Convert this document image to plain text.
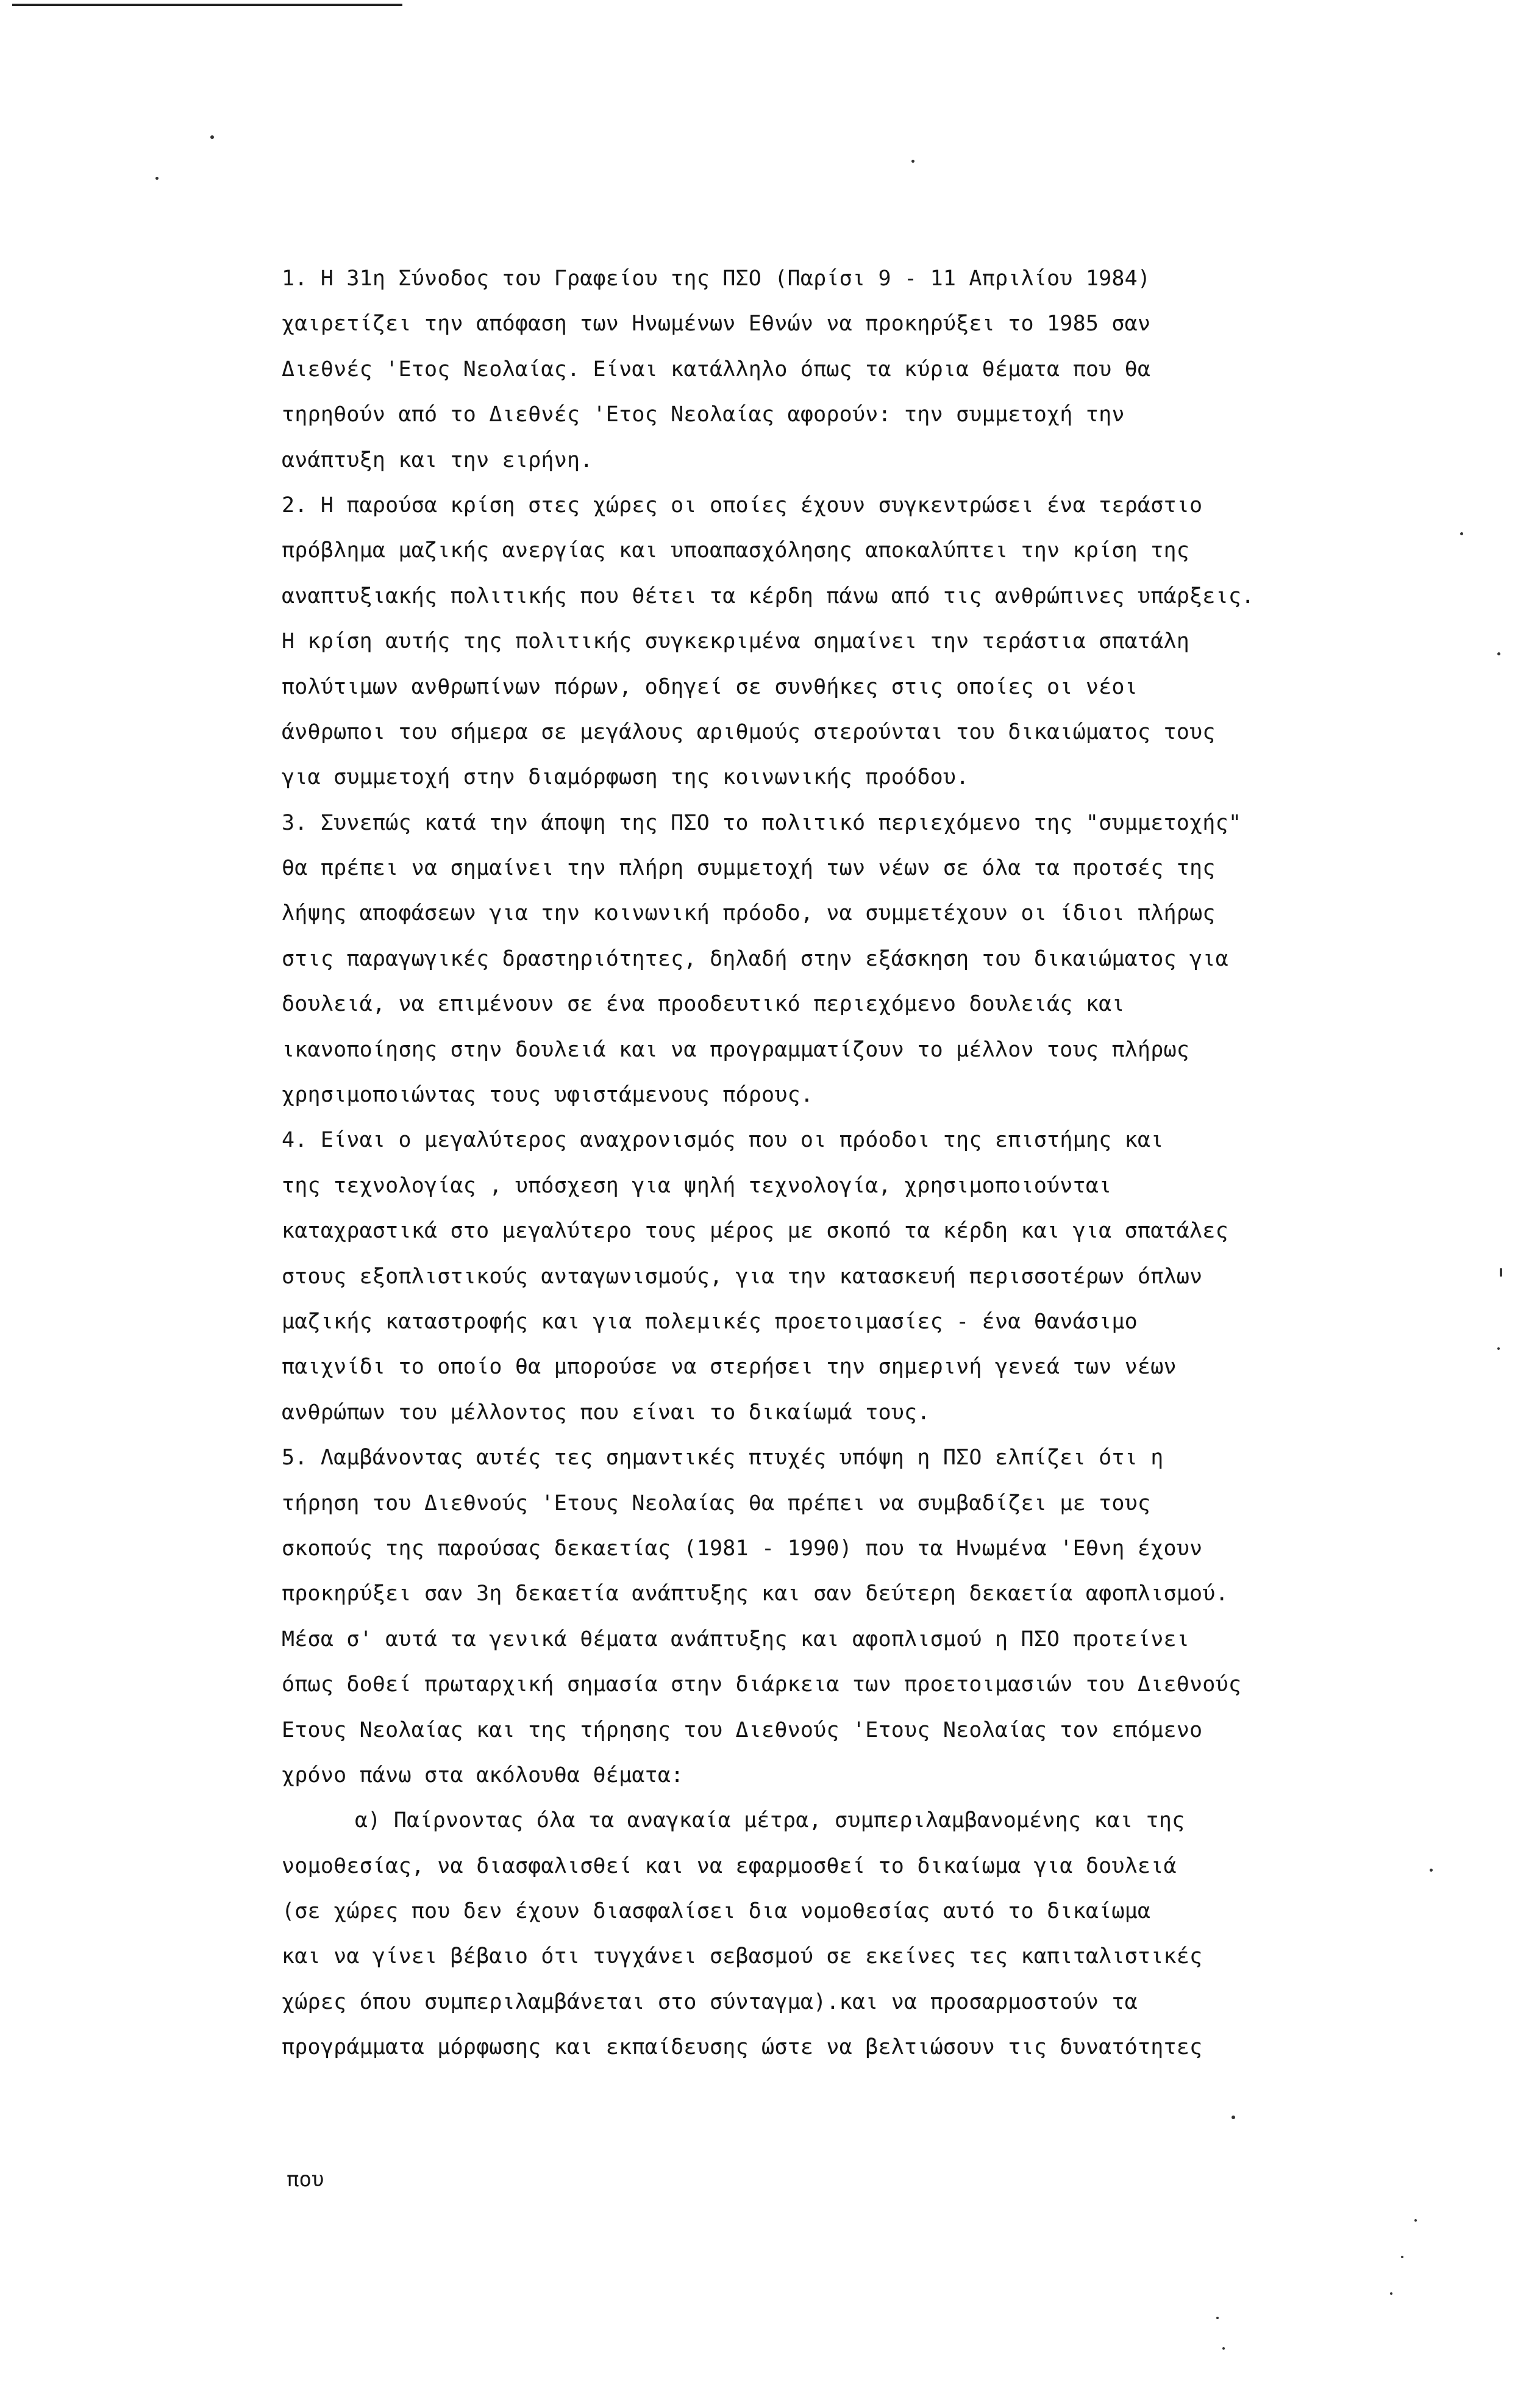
1. Η 31η Σύνοδος του Γραφείου της ΠΣΟ (Παρίσι 9 - 11 Απριλίου 1984)
χαιρετίζει την απόφαση των Ηνωμένων Εθνών να προκηρύξει το 1985 σαν
Διεθνές 'Ετος Νεολαίας. Είναι κατάλληλο όπως τα κύρια θέματα που θα
τηρηθούν από το Διεθνές 'Ετος Νεολαίας αφορούν: την συμμετοχή την
ανάπτυξη και την ειρήνη.
2. Η παρούσα κρίση στες χώρες οι οποίες έχουν συγκεντρώσει ένα τεράστιο
πρόβλημα μαζικής ανεργίας και υποαπασχόλησης αποκαλύπτει την κρίση της
αναπτυξιακής πολιτικής που θέτει τα κέρδη πάνω από τις ανθρώπινες υπάρξεις.
Η κρίση αυτής της πολιτικής συγκεκριμένα σημαίνει την τεράστια σπατάλη
πολύτιμων ανθρωπίνων πόρων, οδηγεί σε συνθήκες στις οποίες οι νέοι
άνθρωποι του σήμερα σε μεγάλους αριθμούς στερούνται του δικαιώματος τους
για συμμετοχή στην διαμόρφωση της κοινωνικής προόδου.
3. Συνεπώς κατά την άποψη της ΠΣΟ το πολιτικό περιεχόμενο της "συμμετοχής"
θα πρέπει να σημαίνει την πλήρη συμμετοχή των νέων σε όλα τα προτσές της
λήψης αποφάσεων για την κοινωνική πρόοδο, να συμμετέχουν οι ίδιοι πλήρως
στις παραγωγικές δραστηριότητες, δηλαδή στην εξάσκηση του δικαιώματος για
δουλειά, να επιμένουν σε ένα προοδευτικό περιεχόμενο δουλειάς και
ικανοποίησης στην δουλειά και να προγραμματίζουν το μέλλον τους πλήρως
χρησιμοποιώντας τους υφιστάμενους πόρους.
4. Είναι ο μεγαλύτερος αναχρονισμός που οι πρόοδοι της επιστήμης και
της τεχνολογίας , υπόσχεση για ψηλή τεχνολογία, χρησιμοποιούνται
καταχραστικά στο μεγαλύτερο τους μέρος με σκοπό τα κέρδη και για σπατάλες
στους εξοπλιστικούς ανταγωνισμούς, για την κατασκευή περισσοτέρων όπλων
μαζικής καταστροφής και για πολεμικές προετοιμασίες - ένα θανάσιμο
παιχνίδι το οποίο θα μπορούσε να στερήσει την σημερινή γενεά των νέων
ανθρώπων του μέλλοντος που είναι το δικαίωμά τους.
5. Λαμβάνοντας αυτές τες σημαντικές πτυχές υπόψη η ΠΣΟ ελπίζει ότι η
τήρηση του Διεθνούς 'Ετους Νεολαίας θα πρέπει να συμβαδίζει με τους
σκοπούς της παρούσας δεκαετίας (1981 - 1990) που τα Ηνωμένα 'Εθνη έχουν
προκηρύξει σαν 3η δεκαετία ανάπτυξης και σαν δεύτερη δεκαετία αφοπλισμού.
Μέσα σ' αυτά τα γενικά θέματα ανάπτυξης και αφοπλισμού η ΠΣΟ προτείνει
όπως δοθεί πρωταρχική σημασία στην διάρκεια των προετοιμασιών του Διεθνούς
Ετους Νεολαίας και της τήρησης του Διεθνούς 'Ετους Νεολαίας τον επόμενο
χρόνο πάνω στα ακόλουθα θέματα:
α) Παίρνοντας όλα τα αναγκαία μέτρα, συμπεριλαμβανομένης και της
νομοθεσίας, να διασφαλισθεί και να εφαρμοσθεί το δικαίωμα για δουλειά
(σε χώρες που δεν έχουν διασφαλίσει δια νομοθεσίας αυτό το δικαίωμα
και να γίνει βέβαιο ότι τυγχάνει σεβασμού σε εκείνες τες καπιταλιστικές
χώρες όπου συμπεριλαμβάνεται στο σύνταγμα).και να προσαρμοστούν τα
προγράμματα μόρφωσης και εκπαίδευσης ώστε να βελτιώσουν τις δυνατότητες
που
